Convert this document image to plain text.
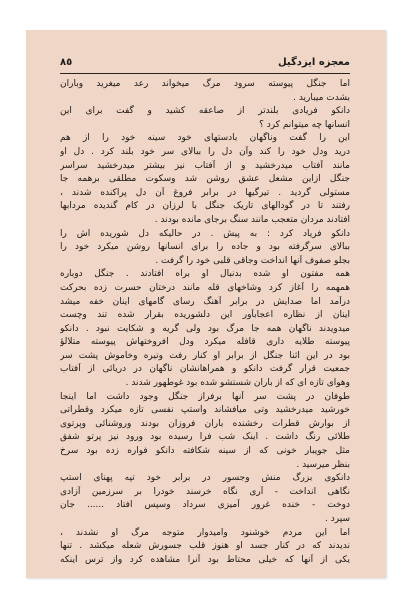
٨٥	معجزه ایزدگیل
اما جنگل پیوسته سرود مرگ میخواند رعد میغرید وباران
بشدت میبارید .
دانکو فریادی بلندتر از صاعقه کشید و گفت برای این
انسانها چه میتوانم کرد ؟
این را گفت وناگهان بادستهای خود سینه خود را از هم
درید ودل خود را کند وآن دل را ببالای سر خود بلند کرد . دل او
مانند آفتاب میدرخشید و از آفتاب نیز بیشتر میدرخشید سراسر
جنگل ازاین مشعل عشق روشن شد وسکوت مطلقی برهمه جا
مستولی گردید . تیرگیها در برابر فروغ آن دل پراکنده شدند ،
رفتند تا در گودالهای تاریک جنگل با لرزان در کام گندیده مردابها
افتادند مردان متعجب مانند سنگ برجای مانده بودند .
دانکو فریاد کرد : به پیش . در حالیکه دل شوریده اش را
ببالای سرگرفته بود و جاده را برای انسانها روشن میکرد خود را
بجلو صفوف آنها انداخت وجاقی قلبی خود را گرفت .
همه مفتون او شده بدنبال او براه افتادند . جنگل دوباره
همهمه را آغاز کرد وشاخهای قله مانند درختان حسرت زده بحرکت
درآمد اما صدایش در برابر آهنگ رسای گامهای اینان خفه میشد
اینان از نظاره اعجابآور این دلشوریده بقرار شده تند وچست
میدویدند ناگهان همه جا مرگ بود ولی گریه و شکایت نبود . دانکو
پیوسته طلایه داری قافله میکرد ودل افروختهاش پیوسته متلالؤ
بود در این اثنا جنگل از برابر او کنار رفت وتیره وخاموش پشت سر
جمعیت قرار گرفت دانکو و همراهانشان ناگهان در دریائی از آفتاب
وهوای تازه ای که از باران شستشو شده بود غوطهور شدند .
طوفان در پشت سر آنها برفراز جنگل وجود داشت اما اینجا
خورشید میدرخشید وتی میافشاند واستپ نفسی تازه میکرد وقطراتی
از بوارش قطرات رخشنده باران فروزان بودند وروشنائی وپرتوی
طلائی رنگ داشت . اینک شب فرا رسیده بود ورود نیز پرتو شفق
مثل جویبار خونی که از سینه شکافته دانکو فواره زده بود سرخ
بنظر میرسید .
دانکوی بزرگ منش وجسور در برابر خود تپه پهنای استپ
نگاهی انداخت - آری نگاه خرسند خودرا بر سرزمین آزادی
دوخت - خنده غرور آمیزی سرداد وسپس افتاد ...... جان
سپرد .
اما این مردم خوشنود وامیدوار متوجه مرگ او نشدند ،
ندیدند که در کنار جسد او هنوز قلب جسورش شعله میکشد . تنها
یکی از آنها که خیلی محتاط بود آنرا مشاهده کرد واز ترس اینکه
